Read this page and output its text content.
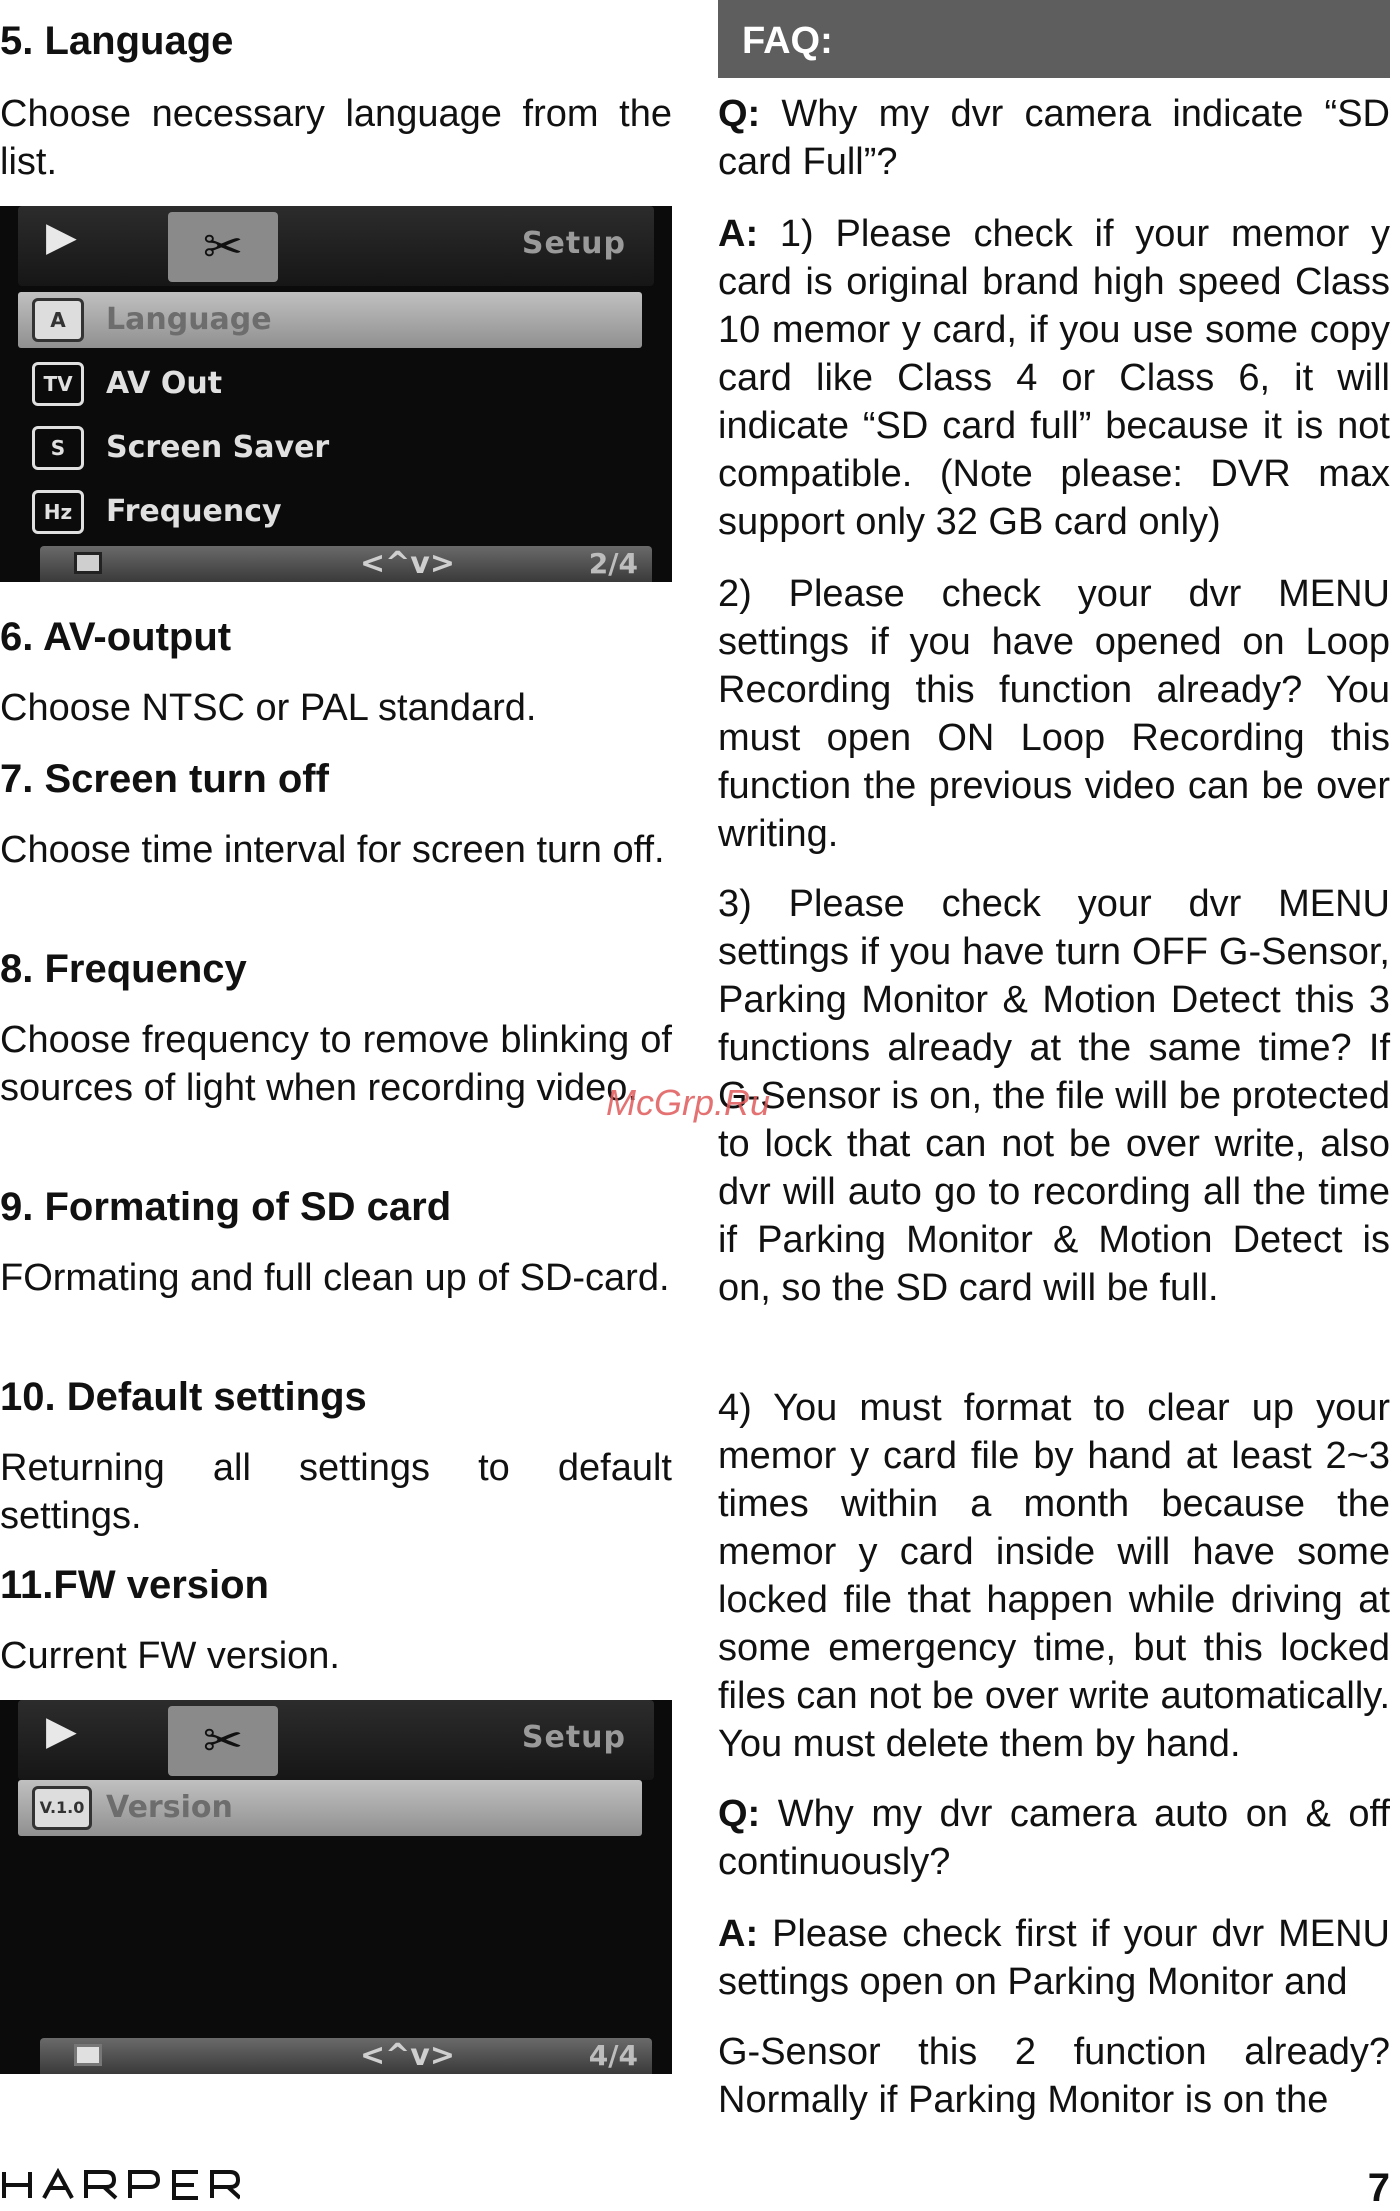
5. Language

Choose necessary language from the list.

▶	✂	Setup
A	Language
TV	AV Out
S	Screen Saver
Hz	Frequency
<^v>	2/4
6. AV-output

Choose NTSC or PAL standard.

7. Screen turn off

Choose time interval for screen turn off.

8. Frequency

Choose frequency to remove blinking of sources of light when recording video.

9. Formating of SD card

FOrmating and full clean up of SD-card.

10. Default settings

Returning all settings to default settings.

11.FW version

Current FW version.

▶	✂	Setup
V.1.0 Version
<^v>	4/4
FAQ:

Q: Why my dvr camera indicate “SD card Full”?

A: 1) Please check if your memor y card is original brand high speed Class 10 memor y card, if you use some copy card like Class 4 or Class 6, it will indicate “SD card full” because it is not compatible. (Note please: DVR max support only 32 GB card only)

2) Please check your dvr MENU settings if you have opened on Loop Recording this function already? You must open ON Loop Recording this function the previous video can be over writing.

3) Please check your dvr MENU settings if you have turn OFF G-Sensor, Parking Monitor & Motion Detect this 3 functions already at the same time? If G-Sensor is on, the file will be protected to lock that can not be over write, also dvr will auto go to recording all the time if Parking Monitor & Motion Detect is on, so the SD card will be full.

4) You must format to clear up your memor y card file by hand at least 2~3 times within a month because the memor y card inside will have some locked file that happen while driving at some emergency time, but this locked files can not be over write automatically. You must delete them by hand.

Q: Why my dvr camera auto on & off continuously?

A: Please check first if your dvr MENU settings open on Parking Monitor and

G-Sensor this 2 function already? Normally if Parking Monitor is on the

McGrp.Ru
7
